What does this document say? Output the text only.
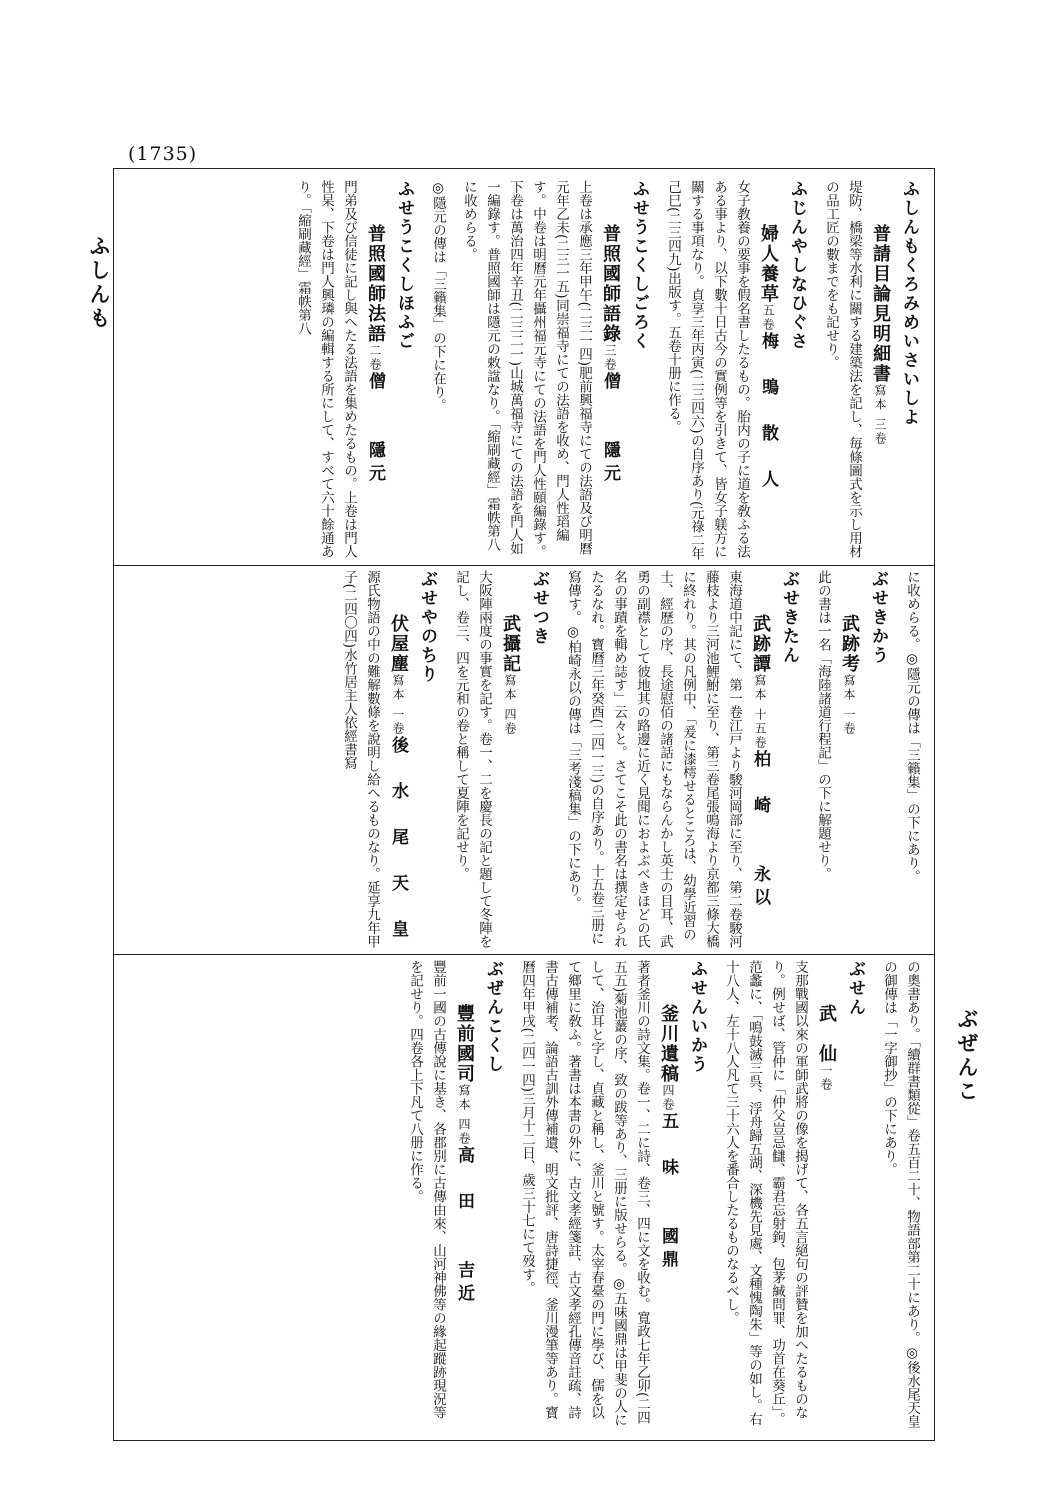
(1735)
ふしんも
ぶぜんこ
ふしんもくろみめいさいしよ
普請目論見明細書寫本 三卷
堤防、橋梁等水利に關する建築法を記し、毎條圖式を示し用材の品工匠の數までをも記せり。
ふじんやしなひぐさ
婦人養草五卷梅　鴠　散　人
女子教養の要事を假名書したるもの。胎内の子に道を敎ふる法ある事より、以下數十日古今の實例等を引きて、皆女子躾方に關する事項なり。貞享三年丙寅(二三四六)の自序あり(元祿二年己巳(二三四九)出版す。五卷十册に作る。
ふせうこくしごろく
普照國師語錄三卷僧　　隱元
上卷は承應三年甲午(二三一四)肥前興福寺にての法語及び明曆元年乙未(二三一五)同崇福寺にての法語を收め、門人性瑫編す。中卷は明曆元年攝州福元寺にての法語を門人性頤編錄す。下卷は萬治四年辛丑(二三二一)山城萬福寺にての法語を門人如一編錄す。普照國師は隱元の敕諡なり。「縮刷藏經」霜帙第八に收めらる。
◎隱元の傳は「三籟集」の下に在り。
ふせうこくしほふご
普照國師法語二卷僧　　隱元
門弟及び信徒に記し與へたる法語を集めたるもの。上卷は門人性杲、下卷は門人興璘の編輯する所にして、すべて六十餘通あり。「縮刷藏經」霜帙第八
に收めらる。◎隱元の傳は「三籟集」の下にあり。
ぶせきかう
武跡考寫本 一卷
此の書は一名「海陸諸道行程記」の下に解題せり。
ぶせきたん
武跡譚寫本 十五卷柏　崎　　永以
東海道中記にて、第一卷江戸より駿河岡部に至り、第二卷駿河藤枝より三河池鯉鮒に至り、第三卷尾張鳴海より京都三條大橋に終れり。其の凡例中、「爰に漆樗せるところは、幼學近習の士、經歷の序、長途慰佰の諸話にもならんかし英士の目耳、武勇の副襟として彼地其の路邊に近く見聞におよぶべきほどの氏名の事蹟を輯め誌す」云々と。さてこそ此の書名は撰定せられたるなれ。寶曆三年癸酉(二四一三)の自序あり。十五卷三册に寫傳す。◎柏崎永以の傳は「三考淺稿集」の下にあり。
ぶせつき
武攝記寫本 四卷
大阪陣兩度の事實を記す。卷一、二を慶長の記と題して冬陣を記し、卷三、四を元和の卷と稱して夏陣を記せり。
ぶせやのちり
伏屋塵寫本 一卷後　水　尾　天　皇
源氏物語の中の難解數條を說明し給へるものなり。延享九年甲子(二四〇四)水竹居主人依經書寫
の奧書あり。「續群書類從」卷五百二十、物語部第二十にあり。◎後水尾天皇の御傳は「一字御抄」の下にあり。
ぶせん
武　仙一卷
支那戰國以來の軍師武將の像を揭げて、各五言絕句の評贊を加へたるものなり。例せば、管仲に「仲父豈忌讎、霸君忘射鉤、包茅緘問罪、功首在葵丘」。范蠡に、「鳴鼓滅三呉、浮舟歸五湖、深機先見處、文種愧陶朱」等の如し。右十八人、左十八人凡て三十六人を番合したるものなるべし。
ふせんいかう
釜川遺稿四卷五　味　　國鼎
著者釜川の詩文集。卷一、二に詩、卷三、四に文を收む。寬政七年乙卯(二四五五)菊池䕺の序、致の跋等あり、三册に版せらる。◎五味國鼎は甲斐の人にして、治耳と字し、貞藏と稱し、釜川と號す。太宰春臺の門に學び、儒を以て鄉里に敎ふ。著書は本書の外に、古文孝經箋註、古文孝經孔傳音註疏、詩書古傳補考、論語古訓外傳補遺、明文批評、唐詩捷徑、釜川漫筆等あり。寶曆四年甲戌(二四一四)三月十二日、歲三十七にて歿す。
ぶぜんこくし
豐前國司寫本 四卷高　田　　吉近
豐前一國の古傳說に基き、各郡別に古傳由來、山河神佛等の緣起蹤跡現況等を記せり。四卷各上下凡て八册に作る。
